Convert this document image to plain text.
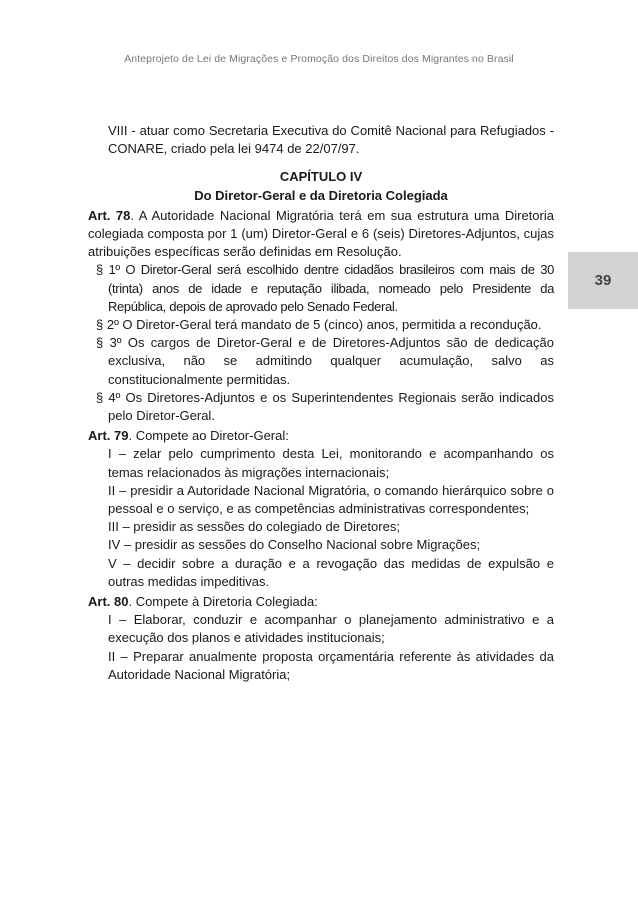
Anteprojeto de Lei de Migrações e Promoção dos Direitos dos Migrantes no Brasil
39

VIII - atuar como Secretaria Executiva do Comitê Nacional para Refugiados - CONARE, criado pela lei 9474 de 22/07/97.

CAPÍTULO IV

Do Diretor-Geral e da Diretoria Colegiada

Art. 78. A Autoridade Nacional Migratória terá em sua estrutura uma Diretoria colegiada composta por 1 (um) Diretor-Geral e 6 (seis) Diretores-Adjuntos, cujas atribuições específicas serão definidas em Resolução.

§ 1º O Diretor-Geral será escolhido dentre cidadãos brasileiros com mais de 30 (trinta) anos de idade e reputação ilibada, nomeado pelo Presidente da República, depois de aprovado pelo Senado Federal.

§ 2º O Diretor-Geral terá mandato de 5 (cinco) anos, permitida a recondução.

§ 3º Os cargos de Diretor-Geral e de Diretores-Adjuntos são de dedicação exclusiva, não se admitindo qualquer acumulação, salvo as constitucionalmente permitidas.

§ 4º Os Diretores-Adjuntos e os Superintendentes Regionais serão indicados pelo Diretor-Geral.

Art. 79. Compete ao Diretor-Geral:

I – zelar pelo cumprimento desta Lei, monitorando e acompanhando os temas relacionados às migrações internacionais;

II – presidir a Autoridade Nacional Migratória, o comando hierárquico sobre o pessoal e o serviço, e as competências administrativas correspondentes;

III – presidir as sessões do colegiado de Diretores;

IV – presidir as sessões do Conselho Nacional sobre Migrações;

V – decidir sobre a duração e a revogação das medidas de expulsão e outras medidas impeditivas.

Art. 80. Compete à Diretoria Colegiada:

I – Elaborar, conduzir e acompanhar o planejamento administrativo e a execução dos planos e atividades institucionais;

II – Preparar anualmente proposta orçamentária referente às atividades da Autoridade Nacional Migratória;
